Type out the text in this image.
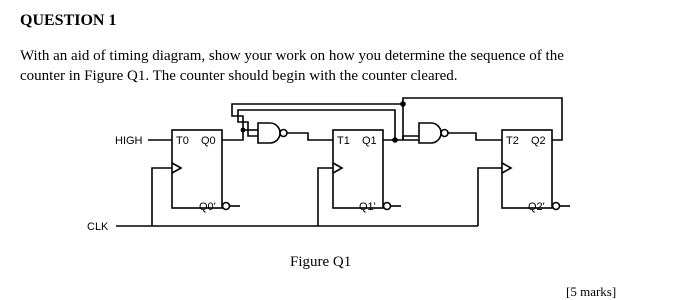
QUESTION 1
With an aid of timing diagram, show your work on how you determine the sequence of the
counter in Figure Q1. The counter should begin with the counter cleared.
HIGH
CLK
T0 Q0
Q0'
T1 Q1
Q1'
T2 Q2
Q2'
Figure Q1
[5 marks]
